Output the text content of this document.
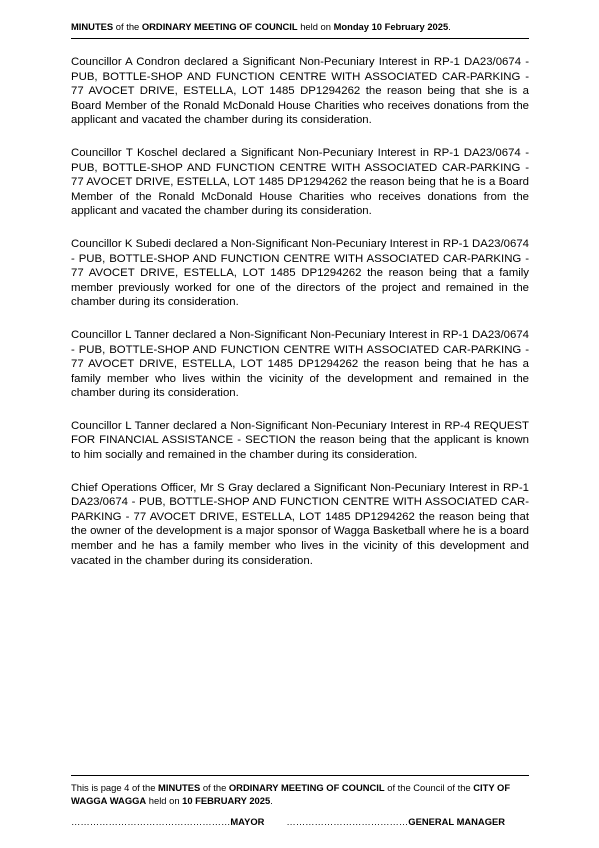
MINUTES of the ORDINARY MEETING OF COUNCIL held on Monday 10 February 2025.

Councillor A Condron declared a Significant Non-Pecuniary Interest in RP-1 DA23/0674 - PUB, BOTTLE-SHOP AND FUNCTION CENTRE WITH ASSOCIATED CAR-PARKING - 77 AVOCET DRIVE, ESTELLA, LOT 1485 DP1294262 the reason being that she is a Board Member of the Ronald McDonald House Charities who receives donations from the applicant and vacated the chamber during its consideration.

Councillor T Koschel declared a Significant Non-Pecuniary Interest in RP-1 DA23/0674 - PUB, BOTTLE-SHOP AND FUNCTION CENTRE WITH ASSOCIATED CAR-PARKING - 77 AVOCET DRIVE, ESTELLA, LOT 1485 DP1294262 the reason being that he is a Board Member of the Ronald McDonald House Charities who receives donations from the applicant and vacated the chamber during its consideration.

Councillor K Subedi declared a Non-Significant Non-Pecuniary Interest in RP-1 DA23/0674 - PUB, BOTTLE-SHOP AND FUNCTION CENTRE WITH ASSOCIATED CAR-PARKING - 77 AVOCET DRIVE, ESTELLA, LOT 1485 DP1294262 the reason being that a family member previously worked for one of the directors of the project and remained in the chamber during its consideration.

Councillor L Tanner declared a Non-Significant Non-Pecuniary Interest in RP-1 DA23/0674 - PUB, BOTTLE-SHOP AND FUNCTION CENTRE WITH ASSOCIATED CAR-PARKING - 77 AVOCET DRIVE, ESTELLA, LOT 1485 DP1294262 the reason being that he has a family member who lives within the vicinity of the development and remained in the chamber during its consideration.

Councillor L Tanner declared a Non-Significant Non-Pecuniary Interest in RP-4 REQUEST FOR FINANCIAL ASSISTANCE - SECTION the reason being that the applicant is known to him socially and remained in the chamber during its consideration.

Chief Operations Officer, Mr S Gray declared a Significant Non-Pecuniary Interest in RP-1 DA23/0674 - PUB, BOTTLE-SHOP AND FUNCTION CENTRE WITH ASSOCIATED CAR-PARKING - 77 AVOCET DRIVE, ESTELLA, LOT 1485 DP1294262 the reason being that the owner of the development is a major sponsor of Wagga Basketball where he is a board member and he has a family member who lives in the vicinity of this development and vacated in the chamber during its consideration.

This is page 4 of the MINUTES of the ORDINARY MEETING OF COUNCIL of the Council of the CITY OF WAGGA WAGGA held on 10 FEBRUARY 2025.
……………………………………………MAYOR …………………………………GENERAL MANAGER
